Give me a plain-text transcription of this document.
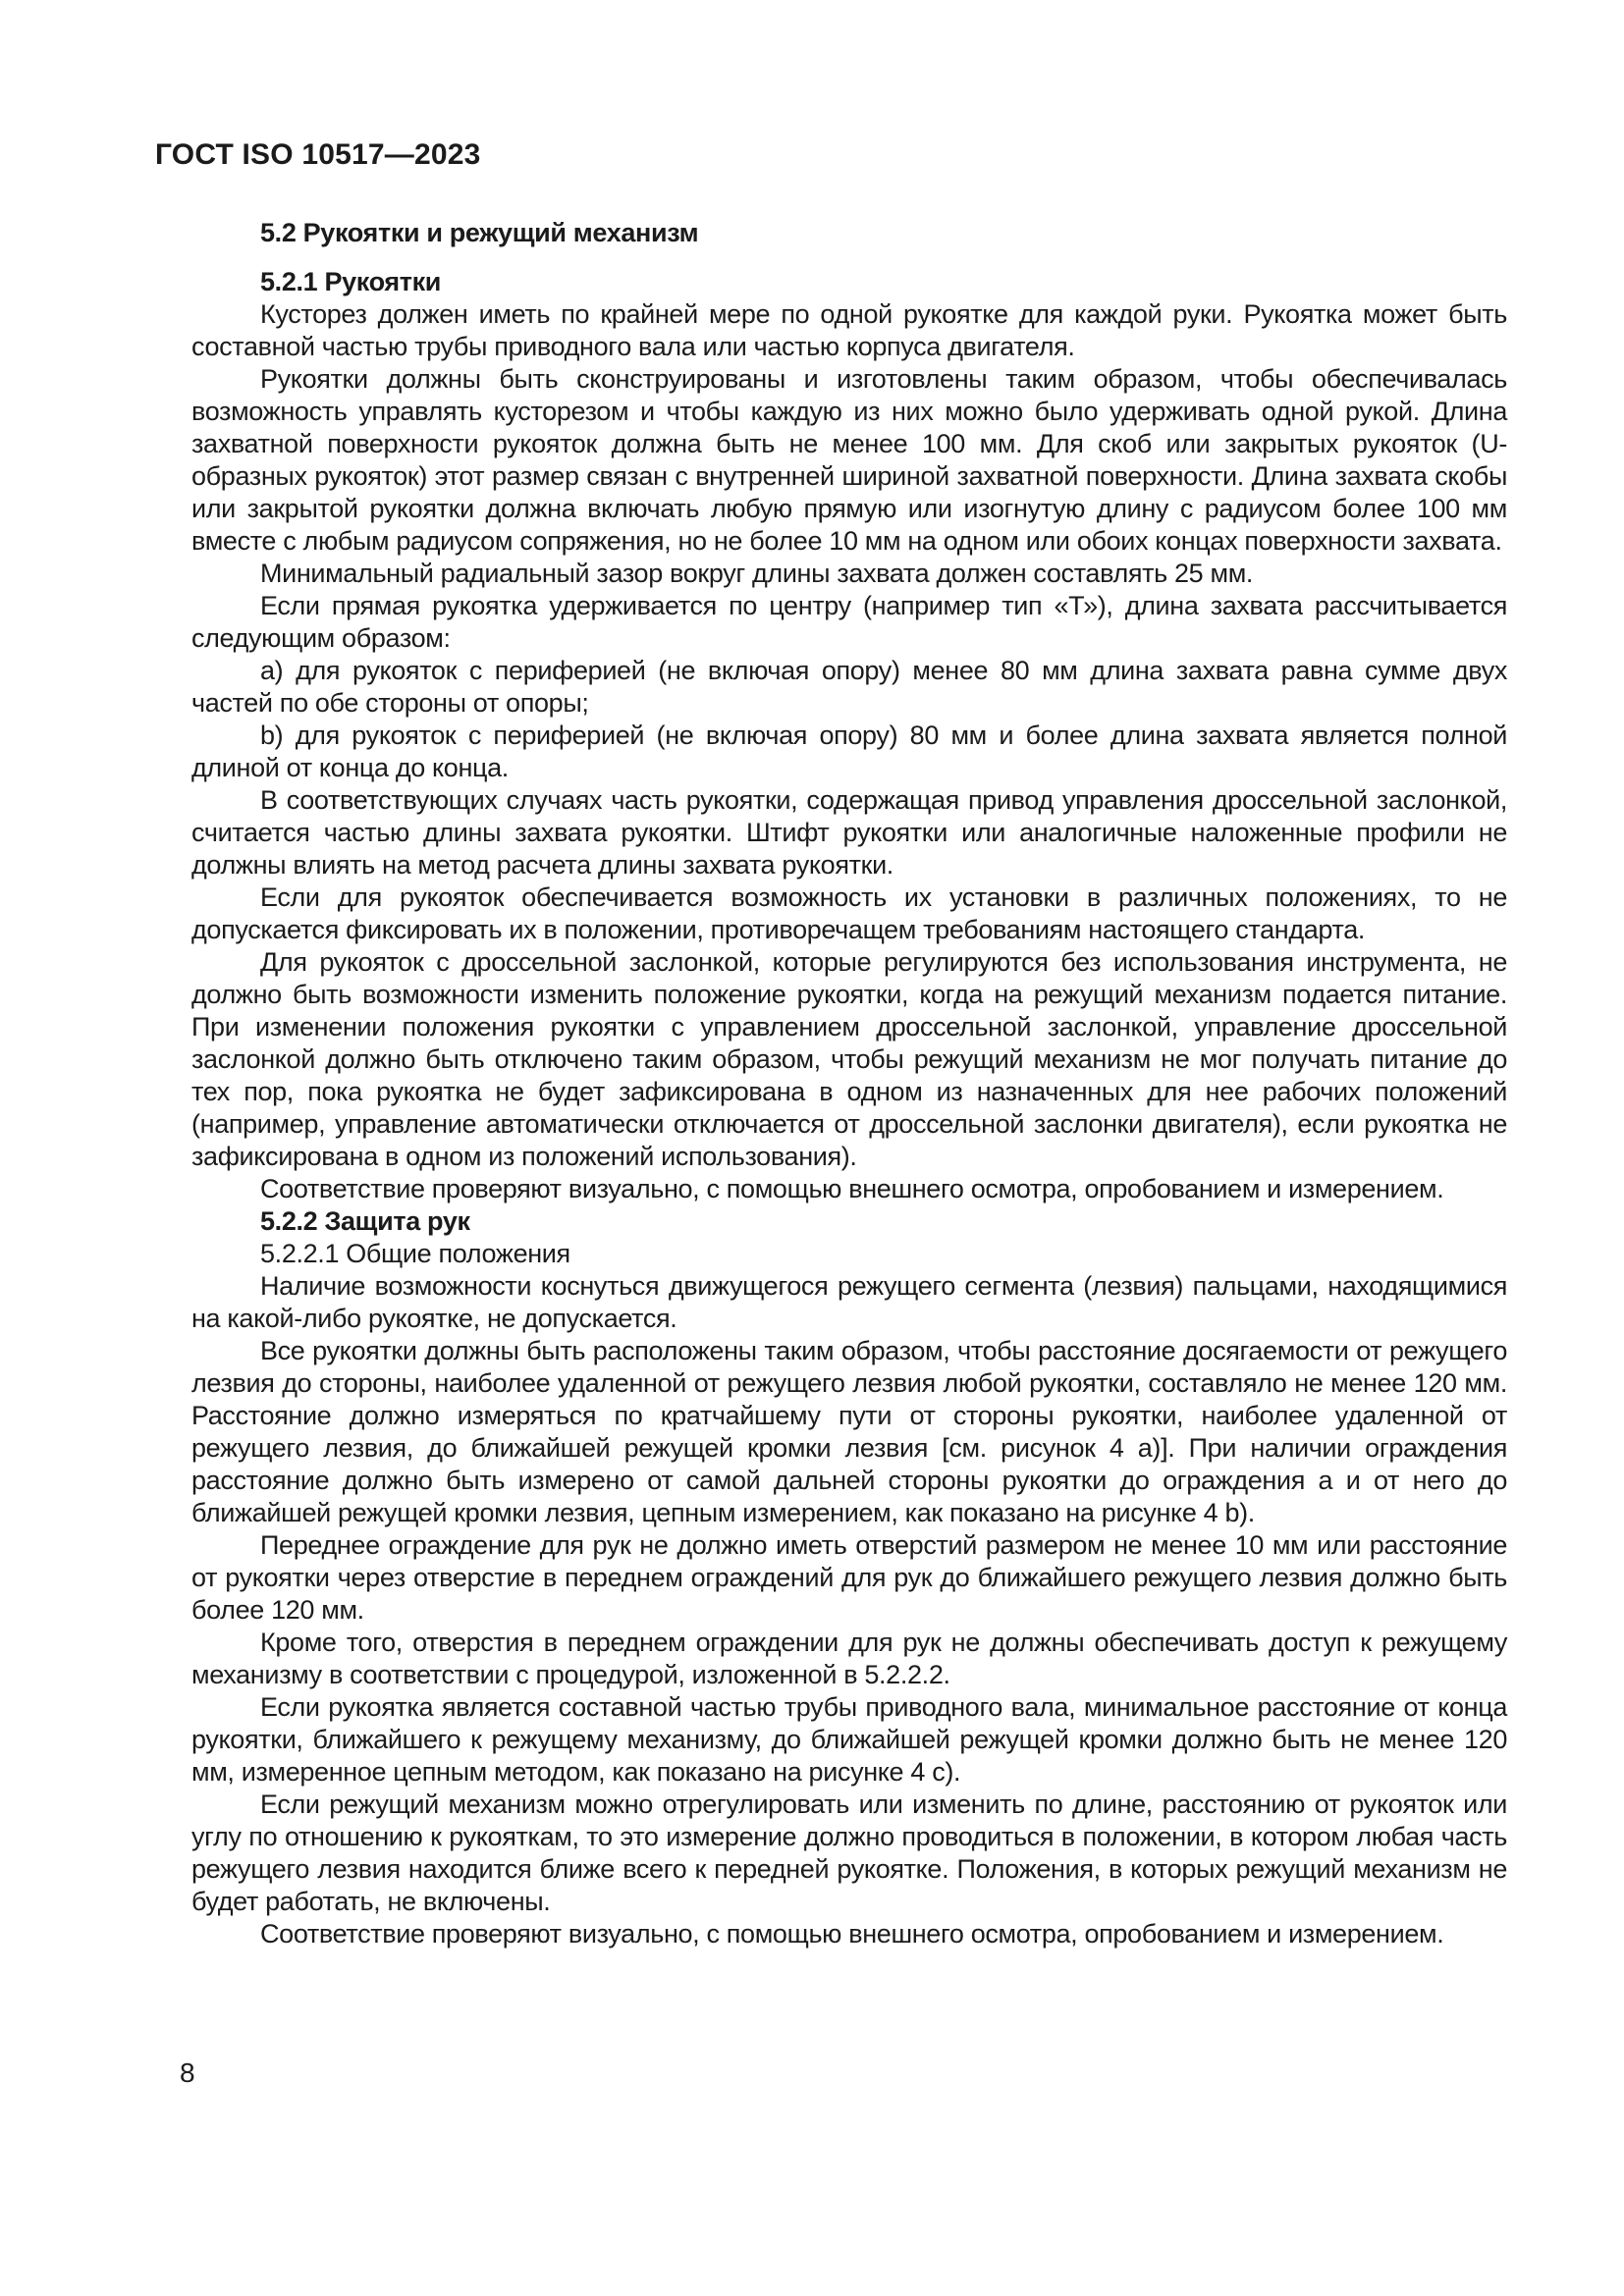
ГОСТ ISO 10517—2023

5.2 Рукоятки и режущий механизм

5.2.1 Рукоятки

Кусторез должен иметь по крайней мере по одной рукоятке для каждой руки. Рукоятка может быть составной частью трубы приводного вала или частью корпуса двигателя.

Рукоятки должны быть сконструированы и изготовлены таким образом, чтобы обеспечивалась возможность управлять кусторезом и чтобы каждую из них можно было удерживать одной рукой. Длина захватной поверхности рукояток должна быть не менее 100 мм. Для скоб или закрытых рукояток (U-образных рукояток) этот размер связан с внутренней шириной захватной поверхности. Длина захвата скобы или закрытой рукоятки должна включать любую прямую или изогнутую длину с радиусом более 100 мм вместе с любым радиусом сопряжения, но не более 10 мм на одном или обоих концах поверхности захвата.

Минимальный радиальный зазор вокруг длины захвата должен составлять 25 мм.

Если прямая рукоятка удерживается по центру (например тип «Т»), длина захвата рассчитывается следующим образом:

a) для рукояток с периферией (не включая опору) менее 80 мм длина захвата равна сумме двух частей по обе стороны от опоры;

b) для рукояток с периферией (не включая опору) 80 мм и более длина захвата является полной длиной от конца до конца.

В соответствующих случаях часть рукоятки, содержащая привод управления дроссельной заслонкой, считается частью длины захвата рукоятки. Штифт рукоятки или аналогичные наложенные профили не должны влиять на метод расчета длины захвата рукоятки.

Если для рукояток обеспечивается возможность их установки в различных положениях, то не допускается фиксировать их в положении, противоречащем требованиям настоящего стандарта.

Для рукояток с дроссельной заслонкой, которые регулируются без использования инструмента, не должно быть возможности изменить положение рукоятки, когда на режущий механизм подается питание. При изменении положения рукоятки с управлением дроссельной заслонкой, управление дроссельной заслонкой должно быть отключено таким образом, чтобы режущий механизм не мог получать питание до тех пор, пока рукоятка не будет зафиксирована в одном из назначенных для нее рабочих положений (например, управление автоматически отключается от дроссельной заслонки двигателя), если рукоятка не зафиксирована в одном из положений использования).

Соответствие проверяют визуально, с помощью внешнего осмотра, опробованием и измерением.

5.2.2 Защита рук

5.2.2.1 Общие положения

Наличие возможности коснуться движущегося режущего сегмента (лезвия) пальцами, находящимися на какой-либо рукоятке, не допускается.

Все рукоятки должны быть расположены таким образом, чтобы расстояние досягаемости от режущего лезвия до стороны, наиболее удаленной от режущего лезвия любой рукоятки, составляло не менее 120 мм. Расстояние должно измеряться по кратчайшему пути от стороны рукоятки, наиболее удаленной от режущего лезвия, до ближайшей режущей кромки лезвия [см. рисунок 4 a)]. При наличии ограждения расстояние должно быть измерено от самой дальней стороны рукоятки до ограждения а и от него до ближайшей режущей кромки лезвия, цепным измерением, как показано на рисунке 4 b).

Переднее ограждение для рук не должно иметь отверстий размером не менее 10 мм или расстояние от рукоятки через отверстие в переднем ограждений для рук до ближайшего режущего лезвия должно быть более 120 мм.

Кроме того, отверстия в переднем ограждении для рук не должны обеспечивать доступ к режущему механизму в соответствии с процедурой, изложенной в 5.2.2.2.

Если рукоятка является составной частью трубы приводного вала, минимальное расстояние от конца рукоятки, ближайшего к режущему механизму, до ближайшей режущей кромки должно быть не менее 120 мм, измеренное цепным методом, как показано на рисунке 4 c).

Если режущий механизм можно отрегулировать или изменить по длине, расстоянию от рукояток или углу по отношению к рукояткам, то это измерение должно проводиться в положении, в котором любая часть режущего лезвия находится ближе всего к передней рукоятке. Положения, в которых режущий механизм не будет работать, не включены.

Соответствие проверяют визуально, с помощью внешнего осмотра, опробованием и измерением.

8
